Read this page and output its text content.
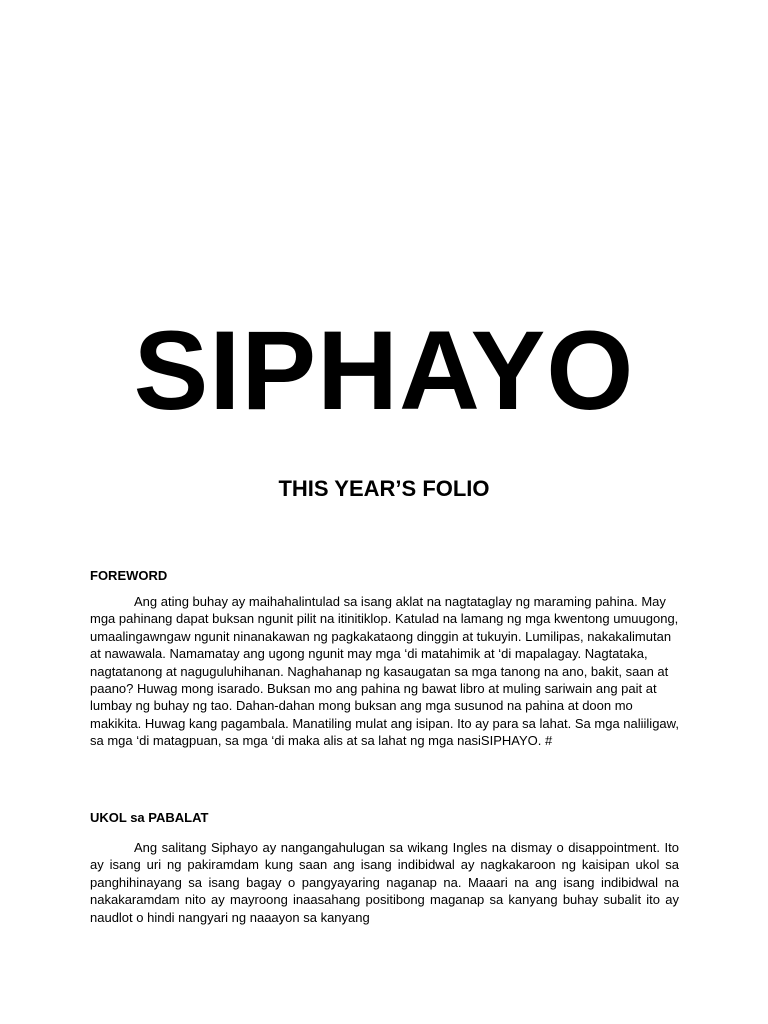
SIPHAYO
THIS YEAR’S FOLIO
FOREWORD

Ang ating buhay ay maihahalintulad sa isang aklat na nagtataglay ng maraming pahina. May mga pahinang dapat buksan ngunit pilit na itinitiklop. Katulad na lamang ng mga kwentong umuugong, umaalingawngaw ngunit ninanakawan ng pagkakataong dinggin at tukuyin. Lumilipas, nakakalimutan at nawawala. Namamatay ang ugong ngunit may mga ‘di matahimik at ‘di mapalagay. Nagtataka, nagtatanong at naguguluhihanan. Naghahanap ng kasaugatan sa mga tanong na ano, bakit, saan at paano? Huwag mong isarado. Buksan mo ang pahina ng bawat libro at muling sariwain ang pait at lumbay ng buhay ng tao. Dahan-dahan mong buksan ang mga susunod na pahina at doon mo makikita. Huwag kang pagambala. Manatiling mulat ang isipan. Ito ay para sa lahat. Sa mga naliiligaw, sa mga ‘di matagpuan, sa mga ‘di maka alis at sa lahat ng mga nasiSIPHAYO. #

UKOL sa PABALAT

Ang salitang Siphayo ay nangangahulugan sa wikang Ingles na dismay o disappointment. Ito ay isang uri ng pakiramdam kung saan ang isang indibidwal ay nagkakaroon ng kaisipan ukol sa panghihinayang sa isang bagay o pangyayaring naganap na. Maaari na ang isang indibidwal na nakakaramdam nito ay mayroong inaasahang positibong maganap sa kanyang buhay subalit ito ay naudlot o hindi nangyari ng naaayon sa kanyang
